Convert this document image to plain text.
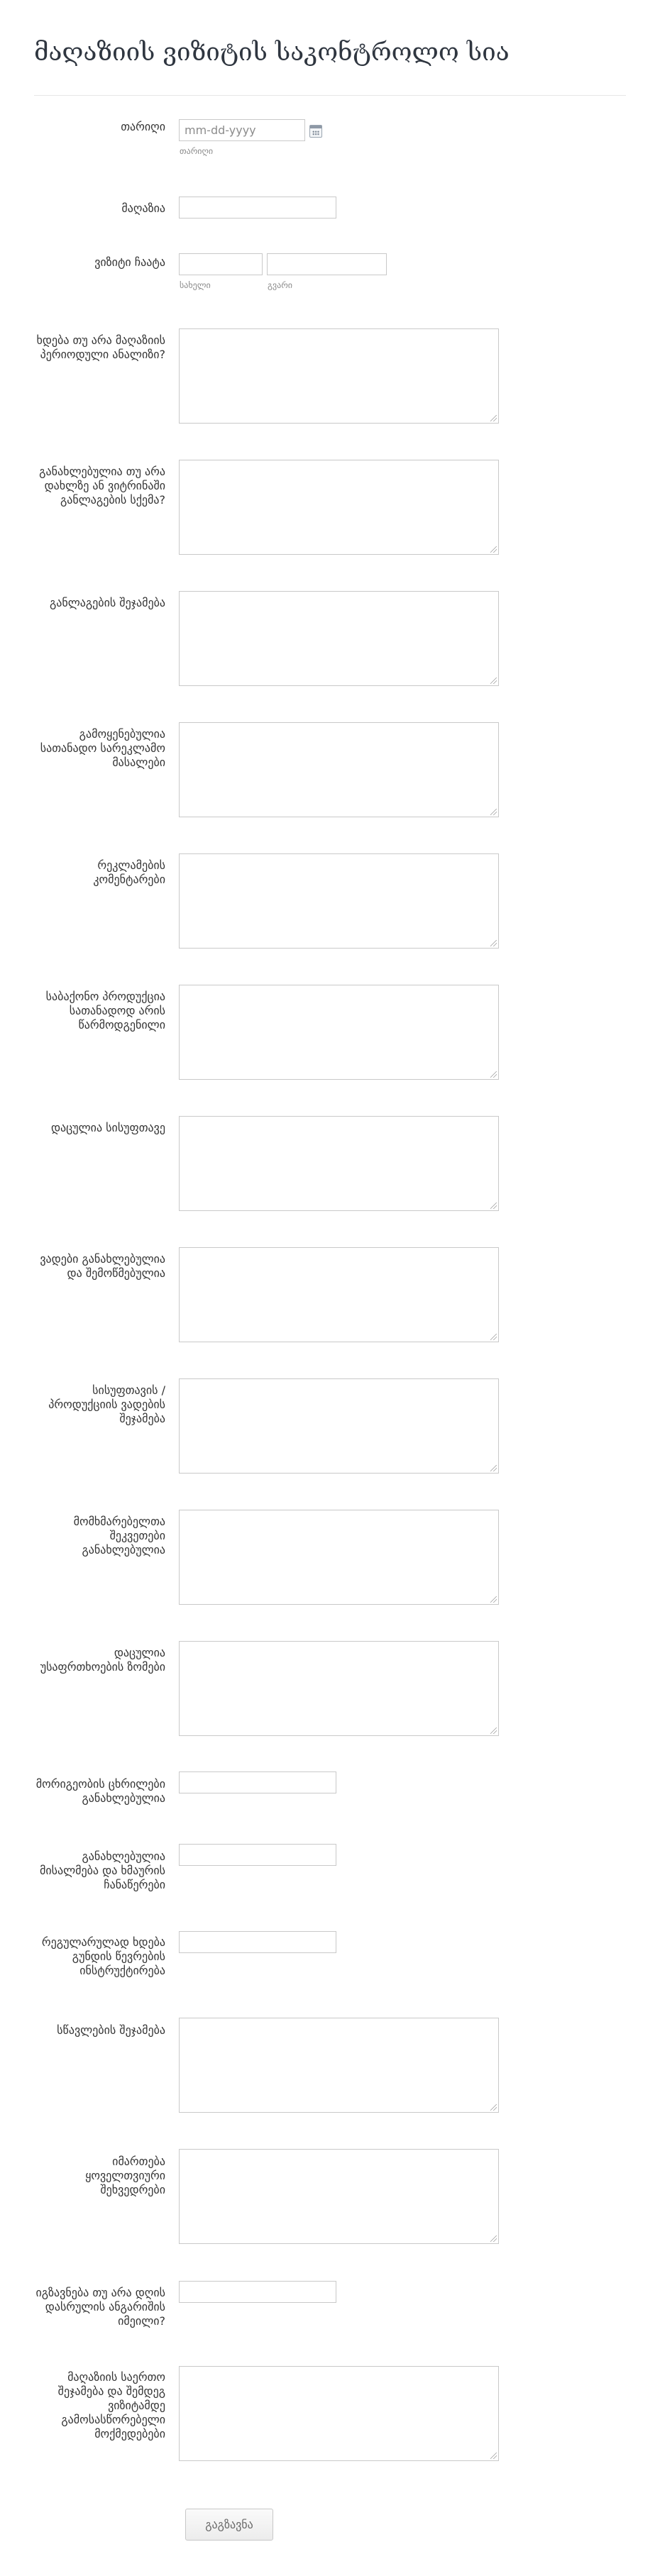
მაღაზიის ვიზიტის საკონტროლო სია
თარიღი	mm-dd-yyyy
თარიღი
მაღაზია
ვიზიტი ჩაატა
სახელი	გვარი
ხდება თუ არა მაღაზიის პერიოდული ანალიზი?
განახლებულია თუ არა დახლზე ან ვიტრინაში განლაგების სქემა?
განლაგების შეჯამება
გამოყენებულია სათანადო სარეკლამო მასალები
რეკლამების კომენტარები
საბაქონო პროდუქცია სათანადოდ არის წარმოდგენილი
დაცულია სისუფთავე
ვადები განახლებულია და შემოწმებულია
სისუფთავის / პროდუქციის ვადების შეჯამება
მომხმარებელთა შეკვეთები განახლებულია
დაცულია უსაფრთხოების ზომები
მორიგეობის ცხრილები განახლებულია
განახლებულია მისალმება და ხმაურის ჩანაწერები
რეგულარულად ხდება გუნდის წევრების ინსტრუქტირება
სწავლების შეჯამება
იმართება ყოველთვიური შეხვედრები
იგზავნება თუ არა დღის დასრულის ანგარიშის იმეილი?
მაღაზიის საერთო შეჯამება და შემდეგ ვიზიტამდე გამოსასწორებელი მოქმედებები
გაგზავნა
